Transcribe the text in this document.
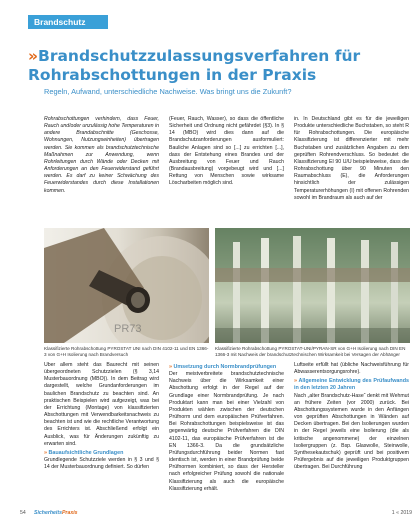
Brandschutz
»Brandschutzzulassungsverfahren für Rohrabschottungen in der Praxis
Regeln, Aufwand, unterschiedliche Nachweise. Was bringt uns die Zukunft?
Rohrabschottungen verhindern, dass Feuer, Rauch und/oder unzulässig hohe Temperaturen in andere Brandabschnitte (Geschosse, Wohnungen, Nutzungseinheiten) übertragen werden. Sie kommen als brandschutztechnische Maßnahmen zur Anwendung, wenn Rohrleitungen durch Wände oder Decken mit Anforderungen an den Feuerwiderstand geführt werden. Es darf zu keiner Schwächung des Feuerwiderstandes durch diese Installationen kommen.
(Feuer, Rauch, Wasser), so dass die öffentliche Sicherheit und Ordnung nicht gefährdet (§3). In § 14 (MBO) wird dies dann auf die Brandschutzanforderungen ausformuliert: Bauliche Anlagen sind so [...] zu errichten [...], dass der Entstehung eines Brandes und der Ausbreitung von Feuer und Rauch (Brandausbreitung) vorgebeugt wird und [...] Rettung von Menschen sowie wirksame Löscharbeiten möglich sind.
in. In Deutschland gibt es für die jeweiligen Produkte unterschiedliche Buchstaben, so steht R für Rohrabschottungen. Die europäische Klassifizierung ist differenzierter mit mehr Buchstaben und zusätzlichen Angaben zu dem geprüften Rohrendverschluss. So bedeutet die Klassifizierung EI 90 U/U beispielsweise, dass die Rohrabschottung über 90 Minuten den Raumabschluss (E), die Anforderungen hinsichtlich der zulässigen Temperaturerhöhungen (I) mit offenen Rohrenden sowohl im Brandraum als auch auf der
PR73
Klassifizierte Rohrabschottung PYROSTAT UNI nach DIN 4102-11 und EN 1366-3 von G+H Isolierung nach Brandversuch
Klassifizierte Rohrabschottung PYROSTAT-UNI/PYRAN-SR von G+H Isolierung nach DIN EN 1366-3 mit Nachweis der brandschutztechnischen Wirksamkeit bei Versagen der Abhänger

Über allem steht das Baurecht mit seinen übergeordneten Schutzzielen (§ 3,14 Musterbauordnung (MBO)). In dem Beitrag wird dargestellt, welche Grundanforderungen im baulichen Brandschutz zu beachten sind. An praktischen Beispielen wird aufgezeigt, was bei der Errichtung (Montage) von klassifizierten Abschottungen mit Verwendbarkeitsnachweis zu beachten ist und wie die rechtliche Verantwortung des Errichters ist. Abschließend erfolgt ein Ausblick, was für Änderungen zukünftig zu erwarten sind.

» Bauaufsichtliche Grundlagen

Grundlegende Schutzziele werden in § 3 und § 14 der Musterbauordnung definiert. So dürfen

» Umsetzung durch Normbrandprüfungen

Der meistverbreitete brandschutztechnische Nachweis über die Wirksamkeit einer Abschottung erfolgt in der Regel auf der Grundlage einer Normbrandprüfung. Je nach Produktart kann man bei einer Vielzahl von Produkten wählen zwischen der deutschen Prüfnorm und dem europäischen Prüfverfahren. Bei Rohrabschottungen beispielsweise ist das gegenwärtig deutsche Prüfverfahren die DIN 4102-11, das europäische Prüfverfahren ist die EN 1366-3. Da die grundsätzliche Prüfungsdurchführung beider Normen fast identisch ist, werden in einer Brandprüfung beide Prüfnormen kombiniert, so dass der Hersteller nach erfolgreicher Prüfung sowohl die nationale Klassifizierung als auch die europäische Klassifizierung erhält.

Luftseite erfüllt hat (übliche Nachweisführung für Abwasserentsorgungsrohre).

» Allgemeine Entwicklung des Prüfaufwands in den letzten 20 Jahren

Nach „alter Brandschutz-Hase“ denkt mit Wehmut an frühere Zeiten (vor 2000) zurück. Bei Abschottungssystemen wurde in den Anfängen von geprüften Abschottungen in Wänden auf Decken übertragen. Bei den Isolierungen wurden in der Regel jeweils eine Isolierung (die als kritische angenommene) der einzelnen Isoliergruppen (z. Bsp. Glaswolle, Steinwolle, Synthesekautschuk) geprüft und bei positivem Prüfergebnis auf die jeweiligen Produktgruppen übertragen. Bei Durchführung

54 SicherheitsPraxis	1 « 2019
